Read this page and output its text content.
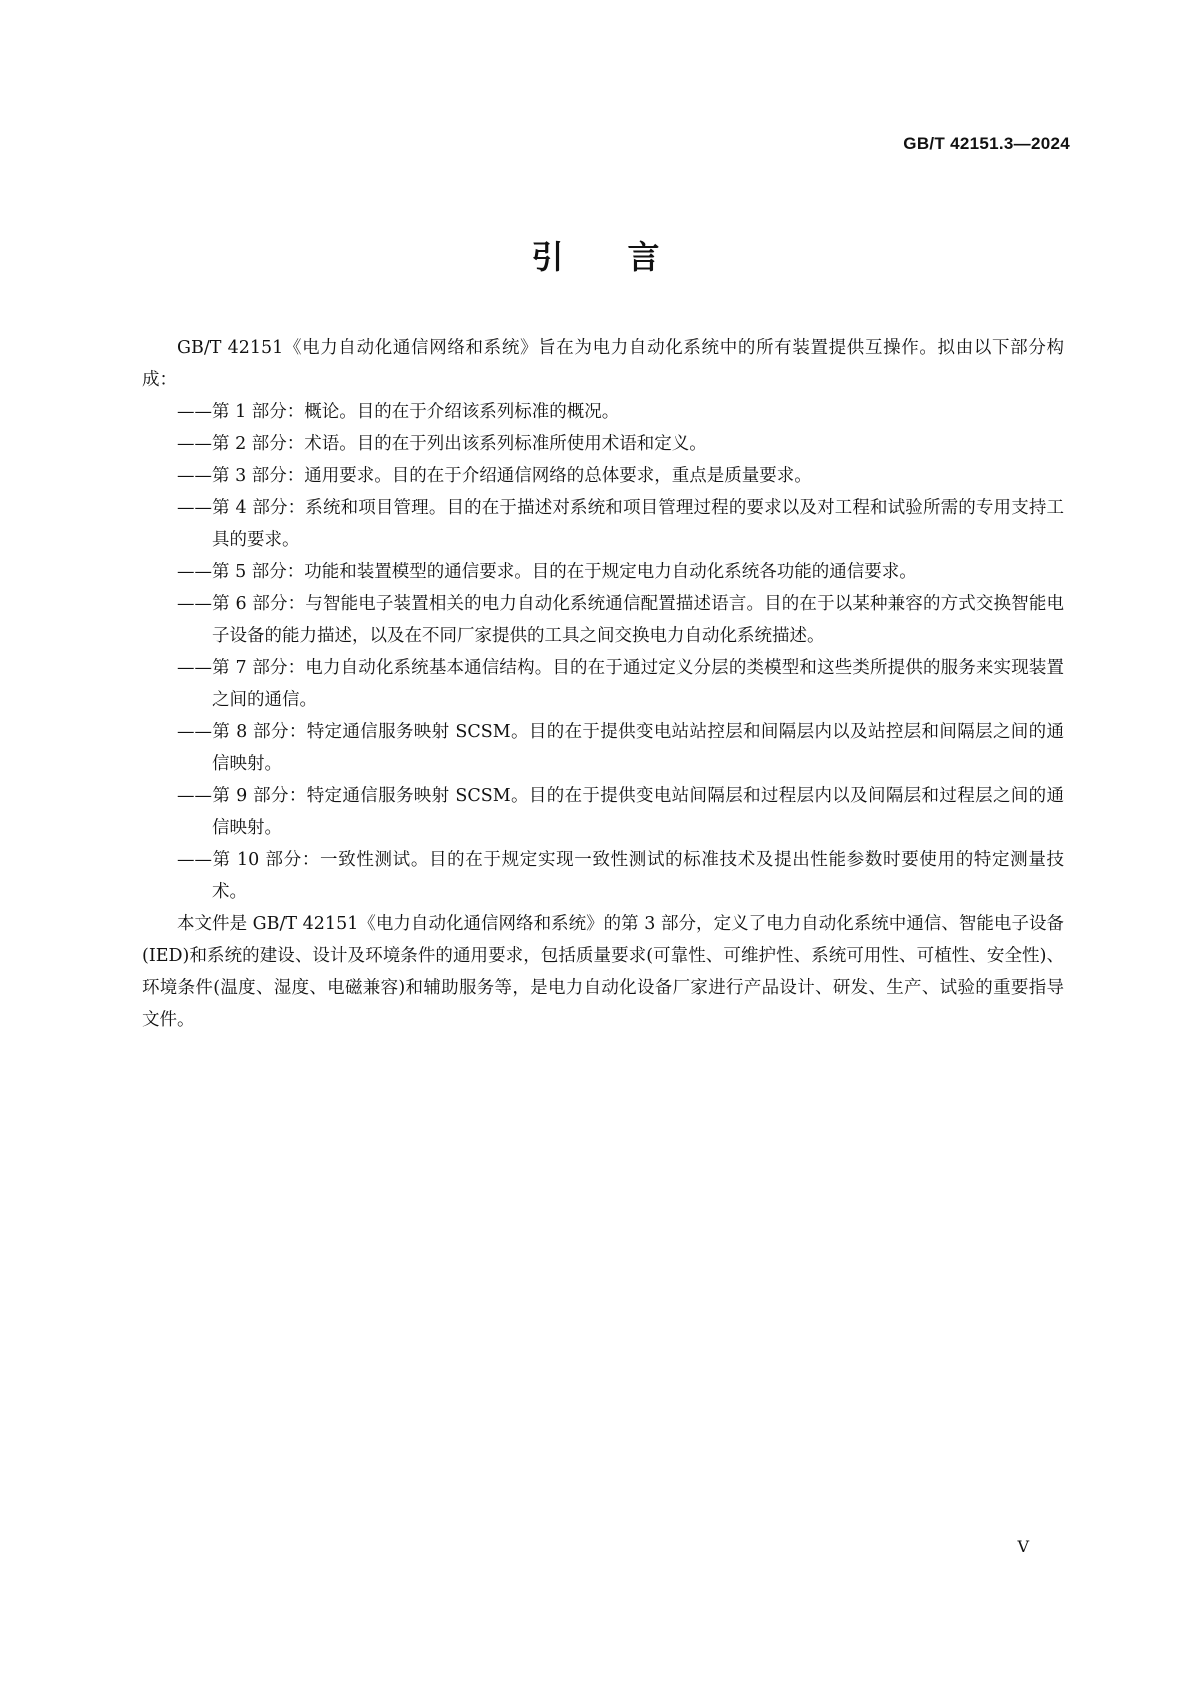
GB/T 42151.3—2024
引言

GB/T 42151《电力自动化通信网络和系统》旨在为电力自动化系统中的所有装置提供互操作。拟由以下部分构成：

——第 1 部分：概论。目的在于介绍该系列标准的概况。
——第 2 部分：术语。目的在于列出该系列标准所使用术语和定义。
——第 3 部分：通用要求。目的在于介绍通信网络的总体要求，重点是质量要求。
——第 4 部分：系统和项目管理。目的在于描述对系统和项目管理过程的要求以及对工程和试验所需的专用支持工具的要求。
——第 5 部分：功能和装置模型的通信要求。目的在于规定电力自动化系统各功能的通信要求。
——第 6 部分：与智能电子装置相关的电力自动化系统通信配置描述语言。目的在于以某种兼容的方式交换智能电子设备的能力描述，以及在不同厂家提供的工具之间交换电力自动化系统描述。
——第 7 部分：电力自动化系统基本通信结构。目的在于通过定义分层的类模型和这些类所提供的服务来实现装置之间的通信。
——第 8 部分：特定通信服务映射 SCSM。目的在于提供变电站站控层和间隔层内以及站控层和间隔层之间的通信映射。
——第 9 部分：特定通信服务映射 SCSM。目的在于提供变电站间隔层和过程层内以及间隔层和过程层之间的通信映射。
——第 10 部分：一致性测试。目的在于规定实现一致性测试的标准技术及提出性能参数时要使用的特定测量技术。

本文件是 GB/T 42151《电力自动化通信网络和系统》的第 3 部分，定义了电力自动化系统中通信、智能电子设备(IED)和系统的建设、设计及环境条件的通用要求，包括质量要求(可靠性、可维护性、系统可用性、可植性、安全性)、环境条件(温度、湿度、电磁兼容)和辅助服务等，是电力自动化设备厂家进行产品设计、研发、生产、试验的重要指导文件。

V
